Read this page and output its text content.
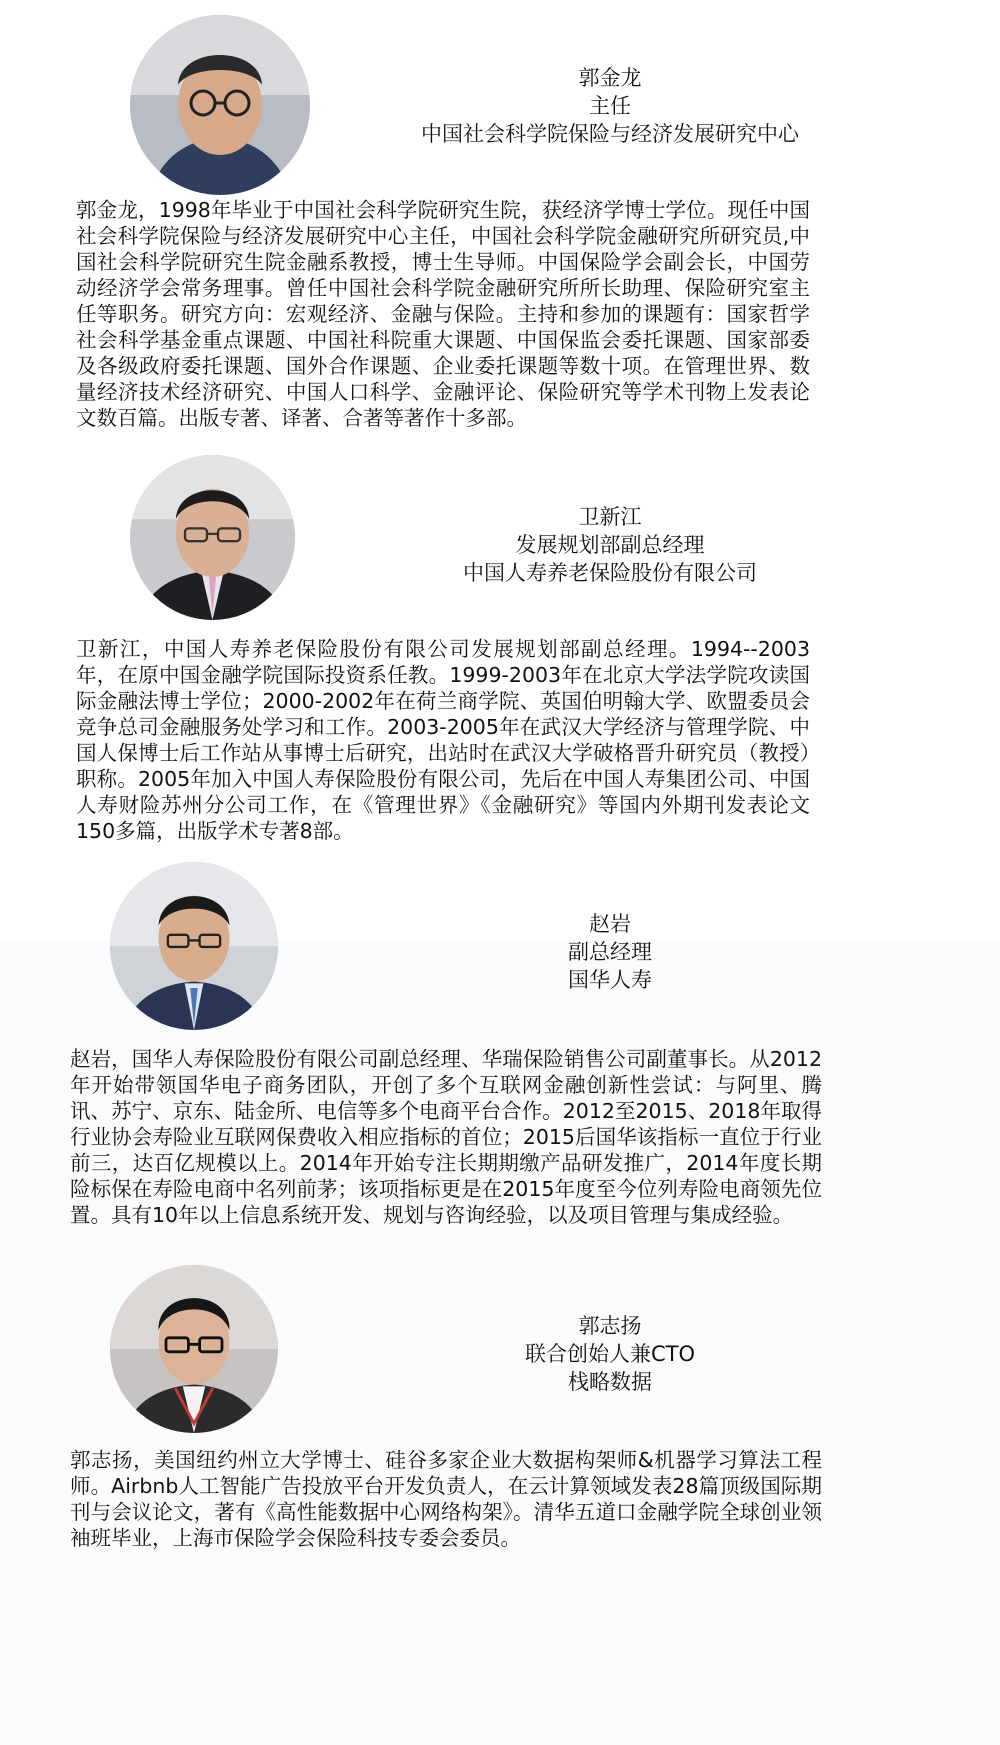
郭金龙
主任
中国社会科学院保险与经济发展研究中心

郭金龙，1998年毕业于中国社会科学院研究生院，获经济学博士学位。现任中国社会科学院保险与经济发展研究中心主任，中国社会科学院金融研究所研究员,中国社会科学院研究生院金融系教授，博士生导师。中国保险学会副会长，中国劳动经济学会常务理事。曾任中国社会科学院金融研究所所长助理、保险研究室主任等职务。研究方向：宏观经济、金融与保险。主持和参加的课题有：国家哲学社会科学基金重点课题、中国社科院重大课题、中国保监会委托课题、国家部委及各级政府委托课题、国外合作课题、企业委托课题等数十项。在管理世界、数量经济技术经济研究、中国人口科学、金融评论、保险研究等学术刊物上发表论文数百篇。出版专著、译著、合著等著作十多部。

卫新江
发展规划部副总经理
中国人寿养老保险股份有限公司

卫新江，中国人寿养老保险股份有限公司发展规划部副总经理。1994--2003年，在原中国金融学院国际投资系任教。1999-2003年在北京大学法学院攻读国际金融法博士学位；2000-2002年在荷兰商学院、英国伯明翰大学、欧盟委员会竞争总司金融服务处学习和工作。2003-2005年在武汉大学经济与管理学院、中国人保博士后工作站从事博士后研究，出站时在武汉大学破格晋升研究员（教授）职称。2005年加入中国人寿保险股份有限公司，先后在中国人寿集团公司、中国人寿财险苏州分公司工作，在《管理世界》《金融研究》等国内外期刊发表论文150多篇，出版学术专著8部。

赵岩
副总经理
国华人寿

赵岩，国华人寿保险股份有限公司副总经理、华瑞保险销售公司副董事长。从2012年开始带领国华电子商务团队，开创了多个互联网金融创新性尝试：与阿里、腾讯、苏宁、京东、陆金所、电信等多个电商平台合作。2012至2015、2018年取得行业协会寿险业互联网保费收入相应指标的首位；2015后国华该指标一直位于行业前三，达百亿规模以上。2014年开始专注长期期缴产品研发推广，2014年度长期险标保在寿险电商中名列前茅；该项指标更是在2015年度至今位列寿险电商领先位置。具有10年以上信息系统开发、规划与咨询经验，以及项目管理与集成经验。

郭志扬
联合创始人兼CTO
栈略数据

郭志扬，美国纽约州立大学博士、硅谷多家企业大数据构架师&机器学习算法工程师。Airbnb人工智能广告投放平台开发负责人，在云计算领域发表28篇顶级国际期刊与会议论文，著有《高性能数据中心网络构架》。清华五道口金融学院全球创业领袖班毕业，上海市保险学会保险科技专委会委员。
